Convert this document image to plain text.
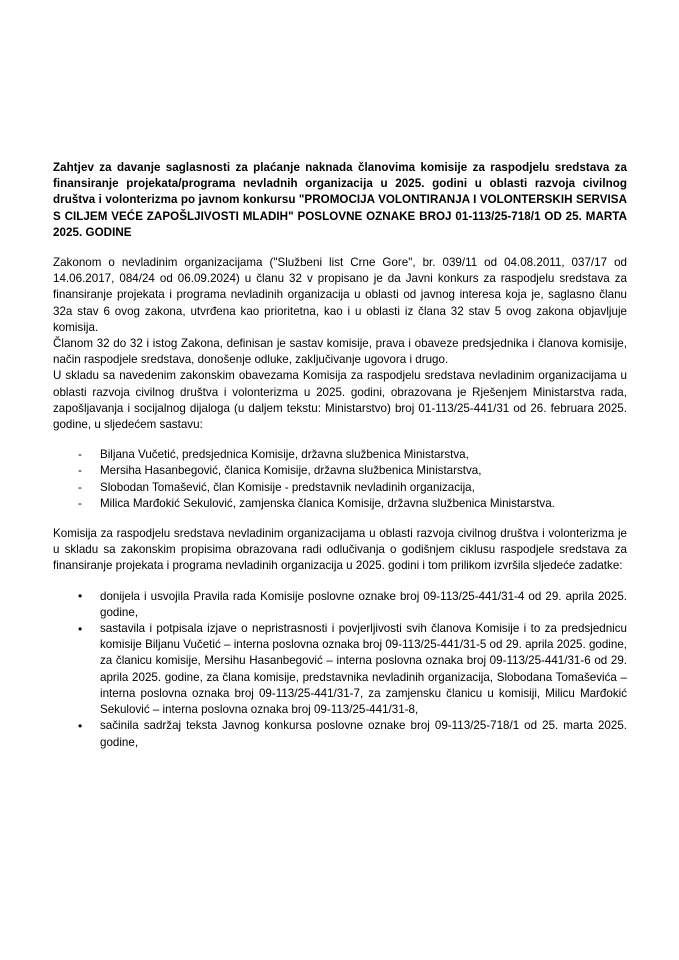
Zahtjev za davanje saglasnosti za plaćanje naknada članovima komisije za raspodjelu sredstava za finansiranje projekata/programa nevladnih organizacija u 2025. godini u oblasti razvoja civilnog društva i volonterizma po javnom konkursu "PROMOCIJA VOLONTIRANJA I VOLONTERSKIH SERVISA S CILJEM VEĆE ZAPOŠLJIVOSTI MLADIH" POSLOVNE OZNAKE BROJ 01-113/25-718/1 OD 25. MARTA 2025. GODINE

Zakonom o nevladinim organizacijama ("Službeni list Crne Gore", br. 039/11 od 04.08.2011, 037/17 od 14.06.2017, 084/24 od 06.09.2024) u članu 32 v propisano je da Javni konkurs za raspodjelu sredstava za finansiranje projekata i programa nevladinih organizacija u oblasti od javnog interesa koja je, saglasno članu 32a stav 6 ovog zakona, utvrđena kao prioritetna, kao i u oblasti iz člana 32 stav 5 ovog zakona objavljuje komisija.

Članom 32 do 32 i istog Zakona, definisan je sastav komisije, prava i obaveze predsjednika i članova komisije, način raspodjele sredstava, donošenje odluke, zaključivanje ugovora i drugo.

U skladu sa navedenim zakonskim obavezama Komisija za raspodjelu sredstava nevladinim organizacijama u oblasti razvoja civilnog društva i volonterizma u 2025. godini, obrazovana je Rješenjem Ministarstva rada, zapošljavanja i socijalnog dijaloga (u daljem tekstu: Ministarstvo) broj 01-113/25-441/31 od 26. februara 2025. godine, u sljedećem sastavu:

- Biljana Vučetić, predsjednica Komisije, državna službenica Ministarstva,
- Mersiha Hasanbegović, članica Komisije, državna službenica Ministarstva,
- Slobodan Tomašević, član Komisije - predstavnik nevladinih organizacija,
- Milica Marđokić Sekulović, zamjenska članica Komisije, državna službenica Ministarstva.

Komisija za raspodjelu sredstava nevladinim organizacijama u oblasti razvoja civilnog društva i volonterizma je u skladu sa zakonskim propisima obrazovana radi odlučivanja o godišnjem ciklusu raspodjele sredstava za finansiranje projekata i programa nevladinih organizacija u 2025. godini i tom prilikom izvršila sljedeće zadatke:

• donijela i usvojila Pravila rada Komisije poslovne oznake broj 09-113/25-441/31-4 od 29. aprila 2025. godine,
• sastavila i potpisala izjave o nepristrasnosti i povjerljivosti svih članova Komisije i to za predsjednicu komisije Biljanu Vučetić – interna poslovna oznaka broj 09-113/25-441/31-5 od 29. aprila 2025. godine, za članicu komisije, Mersihu Hasanbegović – interna poslovna oznaka broj 09-113/25-441/31-6 od 29. aprila 2025. godine, za člana komisije, predstavnika nevladinih organizacija, Slobodana Tomaševića – interna poslovna oznaka broj 09-113/25-441/31-7, za zamjensku članicu u komisiji, Milicu Marđokić Sekulović – interna poslovna oznaka broj 09-113/25-441/31-8,
• sačinila sadržaj teksta Javnog konkursa poslovne oznake broj 09-113/25-718/1 od 25. marta 2025. godine,
